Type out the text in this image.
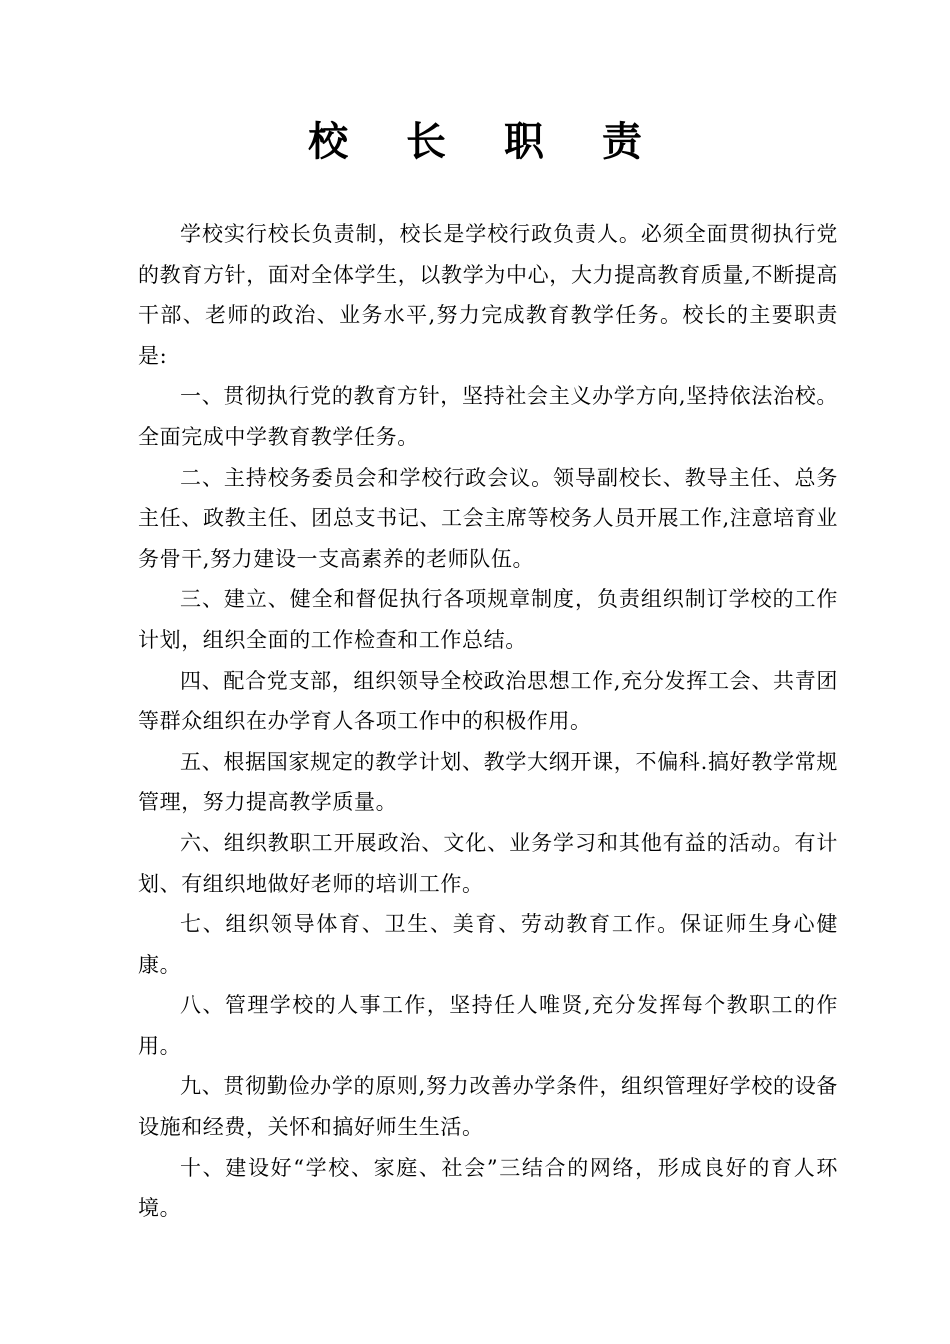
校 长 职 责

学校实行校长负责制，校长是学校行政负责人。必须全面贯彻执行党的教育方针，面对全体学生，以教学为中心，大力提高教育质量,不断提高干部、老师的政治、业务水平,努力完成教育教学任务。校长的主要职责是:

一、贯彻执行党的教育方针，坚持社会主义办学方向,坚持依法治校。全面完成中学教育教学任务。

二、主持校务委员会和学校行政会议。领导副校长、教导主任、总务主任、政教主任、团总支书记、工会主席等校务人员开展工作,注意培育业务骨干,努力建设一支高素养的老师队伍。

三、建立、健全和督促执行各项规章制度，负责组织制订学校的工作计划，组织全面的工作检查和工作总结。

四、配合党支部，组织领导全校政治思想工作,充分发挥工会、共青团等群众组织在办学育人各项工作中的积极作用。

五、根据国家规定的教学计划、教学大纲开课，不偏科.搞好教学常规管理，努力提高教学质量。

六、组织教职工开展政治、文化、业务学习和其他有益的活动。有计划、有组织地做好老师的培训工作。

七、组织领导体育、卫生、美育、劳动教育工作。保证师生身心健康。

八、管理学校的人事工作，坚持任人唯贤,充分发挥每个教职工的作用。

九、贯彻勤俭办学的原则,努力改善办学条件，组织管理好学校的设备设施和经费，关怀和搞好师生生活。

十、建设好“学校、家庭、社会”三结合的网络，形成良好的育人环境。
